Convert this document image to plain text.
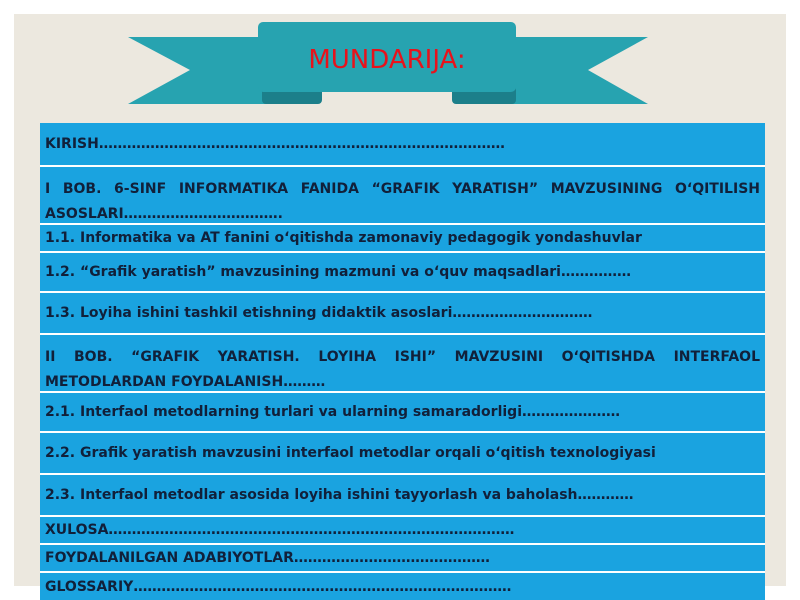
MUNDARIJA:
KIRISH……………………………………………………………………………
I BOB. 6-SINF INFORMATIKA FANIDA “GRAFIK YARATISH” MAVZUSINING O‘QITILISH ASOSLARI…………………………….
1.1. Informatika va AT fanini o‘qitishda zamonaviy pedagogik yondashuvlar
1.2. “Grafik yaratish” mavzusining mazmuni va o‘quv maqsadlari……………
1.3. Loyiha ishini tashkil etishning didaktik asoslari…………………………
II BOB. “GRAFIK YARATISH. LOYIHA ISHI” MAVZUSINI O‘QITISHDA INTERFAOL METODLARDAN FOYDALANISH………
2.1. Interfaol metodlarning turlari va ularning samaradorligi…………………
2.2. Grafik yaratish mavzusini interfaol metodlar orqali o‘qitish texnologiyasi
2.3. Interfaol metodlar asosida loyiha ishini tayyorlash va baholash…………
XULOSA……………………………………………………………………………
FOYDALANILGAN ADABIYOTLAR……………………………………
GLOSSARIY………………………………………………………………………
